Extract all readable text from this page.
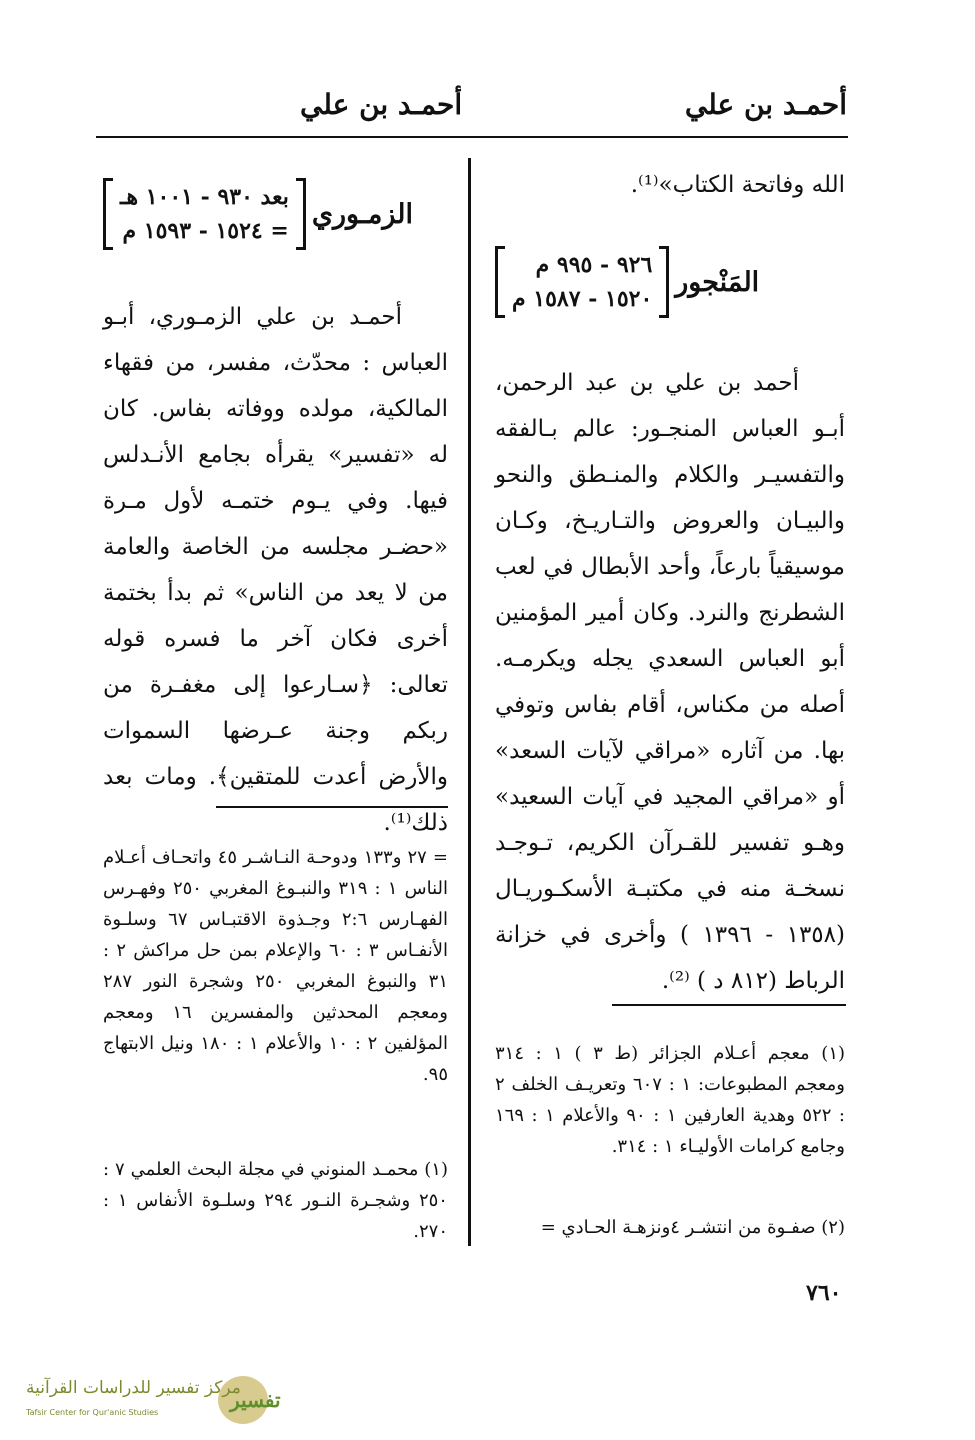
أحمـد بن علي
أحمـد بن علي

الله وفاتحة الكتاب»⁽¹⁾.

المَنْجور
٩٢٦ - ٩٩٥ م
١٥٢٠ - ١٥٨٧ م

أحمد بن علي بن عبد الرحمن، أبـو العباس المنجـور: عالم بـالفقه والتفسيـر والكلام والمنـطق والنحو والبيـان والعروض والتـاريـخ، وكـان موسيقياً بارعاً، وأحد الأبطال في لعب الشطرنج والنرد. وكان أمير المؤمنين أبو العباس السعدي يجله ويكرمـه. أصله من مكناس، أقام بفاس وتوفي بها. من آثاره «مراقي لآيات السعد» أو «مراقي المجيد في آيات السعيد» وهـو تفسير للقـرآن الكريم، تـوجـد نسخـة منه في مكتبـة الأسكـوريـال (١٣٥٨ - ١٣٩٦ ) وأخرى في خزانة الرباط (٨١٢ د ) ⁽²⁾.

(١) معجم أعـلام الجزائر (ط ٣ ) ١ : ٣١٤ ومعجم المطبوعات: ١ : ٦٠٧ وتعريـف الخلف ٢ : ٥٢٢ وهدية العارفين ١ : ٩٠ والأعلام ١ : ١٦٩ وجامع كرامات الأوليـاء ١ : ٣١٤.

(٢) صفـوة من انتشـر ٤ونزهـة الحـادي =

الزمـوري
بعد ٩٣٠ - ١٠٠١ هـ
= ١٥٢٤ - ١٥٩٣ م

أحمـد بن علي الزمـوري، أبـو العباس : محدّث، مفسر، من فقهاء المالكية، مولده ووفاته بفاس. كان له «تفسير» يقرأه بجامع الأنـدلس فيها. وفي يـوم ختمـه لأول مـرة «حضـر مجلسه من الخاصة والعامة من لا يعد من الناس» ثم بدأ بختمة أخرى فكان آخر ما فسره قوله تعالى: ﴿سـارعوا إلى مغفـرة من ربكم وجنة عـرضها السموات والأرض أعدت للمتقين﴾. ومات بعد ذلك⁽¹⁾.

= ٢٧ و١٣٣ ودوحـة النـاشـر ٤٥ واتحـاف أعـلام الناس ١ : ٣١٩ والنبـوغ المغربي ٢٥٠ وفهـرس الفهـارس ٢:٦ وجـذوة الاقتبـاس ٦٧ وسلـوة الأنفـاس ٣ : ٦٠ والإعلام بمن حل مراكش ٢ : ٣١ والنبوغ المغربي ٢٥٠ وشجرة النور ٢٨٧ ومعجم المحدثين والمفسرين ١٦ ومعجم المؤلفين ٢ : ١٠ والأعلام ١ : ١٨٠ ونيل الابتهاج ٩٥.

(١) محمـد المنوني في مجلة البحث العلمي ٧ : ٢٥٠ وشجـرة النـور ٢٩٤ وسلـوة الأنفاس ١ : ٢٧٠.

٧٦٠
تفسير
مركز تفسير للدراسات القرآنية
Tafsir Center for Qur'anic Studies
